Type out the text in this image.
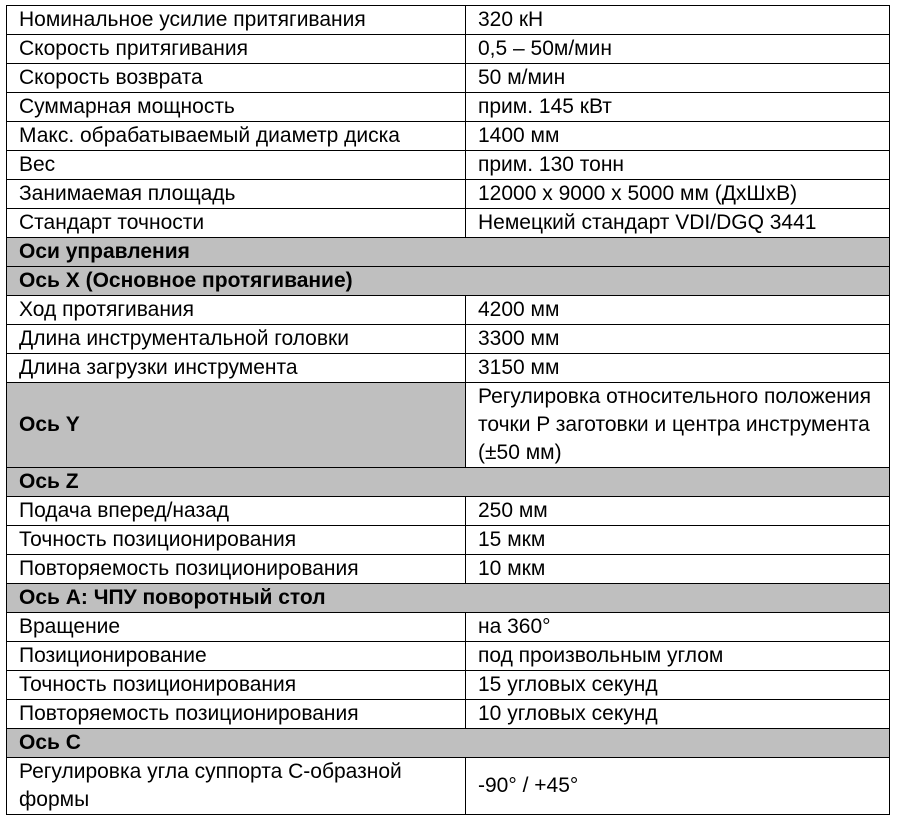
Номинальное усилие притягивания	320 кН
Скорость притягивания	0,5 – 50м/мин
Скорость возврата	50 м/мин
Суммарная мощность	прим. 145 кВт
Макс. обрабатываемый диаметр диска	1400 мм
Вес	прим. 130 тонн
Занимаемая площадь	12000 x 9000 x 5000 мм (ДхШхВ)
Стандарт точности	Немецкий стандарт VDI/DGQ 3441
Оси управления	
Ось X (Основное протягивание)	
Ход протягивания	4200 мм
Длина инструментальной головки	3300 мм
Длина загрузки инструмента	3150 мм
Ось Y	Регулировка относительного положения точки P заготовки и центра инструмента (±50 мм)
Ось Z	
Подача вперед/назад	250 мм
Точность позиционирования	15 мкм
Повторяемость позиционирования	10 мкм
Ось А: ЧПУ поворотный стол	
Вращение	на 360°
Позиционирование	под произвольным углом
Точность позиционирования	15 угловых секунд
Повторяемость позиционирования	10 угловых секунд
Ось С	
Регулировка угла суппорта С-образной формы	-90° / +45°
